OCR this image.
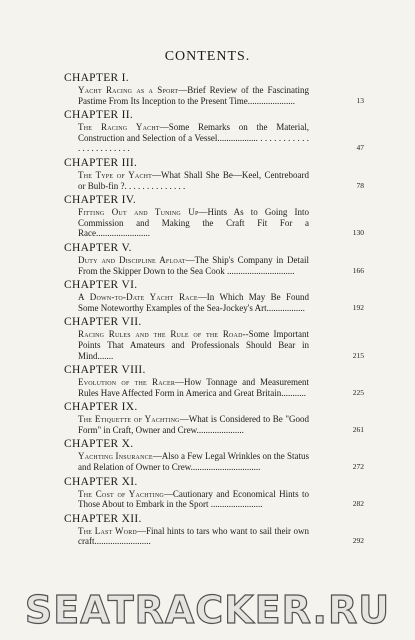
CONTENTS.
CHAPTER I.
Yacht Racing as a Sport—Brief Review of the Fascinating Pastime From Its Inception to the Present Time.....................	13
CHAPTER II.
The Racing Yacht—Some Remarks on the Material, Construction and Selection of a Vessel.................. . . . . . . . . . . . . . . . . . . . . . . .	47
CHAPTER III.
The Type of Yacht—What Shall She Be—Keel, Centreboard or Bulb-fin ?. . . . . . . . . . . . . .	78
CHAPTER IV.
Fitting Out and Tuning Up—Hints As to Going Into Commission and Making the Craft Fit For a Race........................	130
CHAPTER V.
Duty and Discipline Afloat—The Ship's Company in Detail From the Skipper Down to the Sea Cook ..............................	166
CHAPTER VI.
A Down-to-Date Yacht Race—In Which May Be Found Some Noteworthy Examples of the Sea-Jockey's Art.................	192
CHAPTER VII.
Racing Rules and the Rule of the Road--Some Important Points That Amateurs and Professionals Should Bear in Mind.......	215
CHAPTER VIII.
Evolution of the Racer—How Tonnage and Measurement Rules Have Affected Form in America and Great Britain...........	225
CHAPTER IX.
The Etiquette of Yachting—What is Considered to Be "Good Form" in Craft, Owner and Crew.....................	261
CHAPTER X.
Yachting Insurance—Also a Few Legal Wrinkles on the Status and Relation of Owner to Crew...............................	272
CHAPTER XI.
The Cost of Yachting—Cautionary and Economical Hints to Those About to Embark in the Sport .......................	282
CHAPTER XII.
The Last Word—Final hints to tars who want to sail their own craft.........................	292
SEATRACKER.RU
